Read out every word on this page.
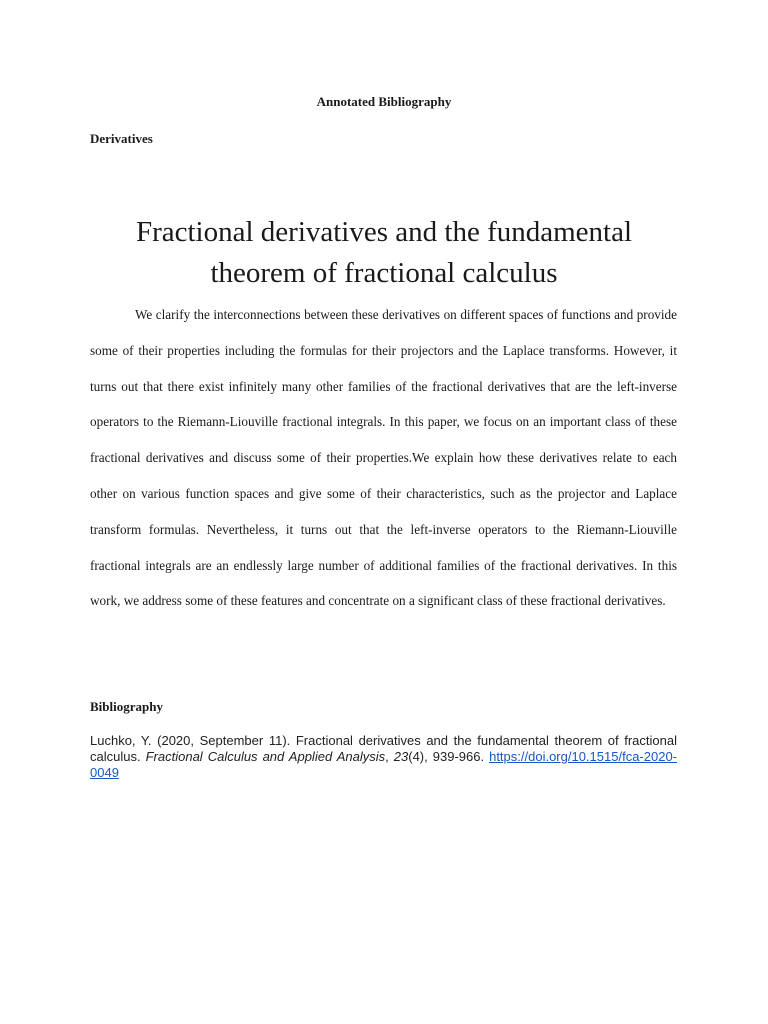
Annotated Bibliography
Derivatives
Fractional derivatives and the fundamental theorem of fractional calculus

We clarify the interconnections between these derivatives on different spaces of functions and provide some of their properties including the formulas for their projectors and the Laplace transforms. However, it turns out that there exist infinitely many other families of the fractional derivatives that are the left-inverse operators to the Riemann-Liouville fractional integrals. In this paper, we focus on an important class of these fractional derivatives and discuss some of their properties.We explain how these derivatives relate to each other on various function spaces and give some of their characteristics, such as the projector and Laplace transform formulas. Nevertheless, it turns out that the left-inverse operators to the Riemann-Liouville fractional integrals are an endlessly large number of additional families of the fractional derivatives. In this work, we address some of these features and concentrate on a significant class of these fractional derivatives.

Bibliography
Luchko, Y. (2020, September 11). Fractional derivatives and the fundamental theorem of fractional calculus. Fractional Calculus and Applied Analysis, 23(4), 939-966. https://doi.org/10.1515/fca-2020-0049
